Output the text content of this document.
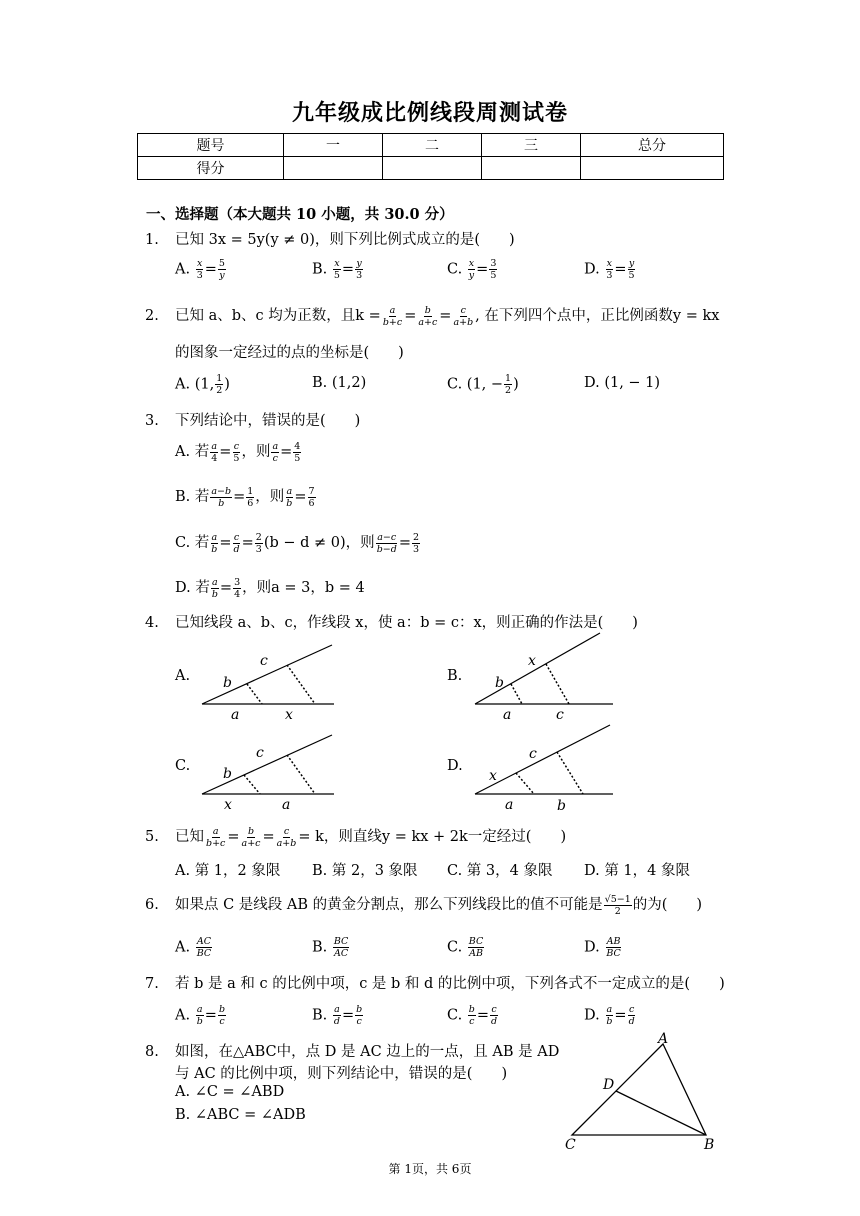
九年级成比例线段周测试卷
题号	一	二	三	总分
得分				
一、选择题（本大题共 10 小题，共 30.0 分）
1. 已知 3x = 5y(y ≠ 0)，则下列比例式成立的是(　　)
A. $\frac{x}{3} = \frac{5}{y}$	B. $\frac{x}{5} = \frac{y}{3}$	C. $\frac{x}{y} = \frac{3}{5}$	D. $\frac{x}{3} = \frac{y}{5}$
2. 已知 a、b、c 均为正数，且$k = \frac{a}{b+c} = \frac{b}{a+c} = \frac{c}{a+b}$ , 在下列四个点中，正比例函数y = kx
的图象一定经过的点的坐标是(　　)
A. (1, $\frac{1}{2}$ )	B. (1,2)	C. (1, − $\frac{1}{2}$ )	D. (1, − 1)
3. 下列结论中，错误的是(　　)
A. 若 $\frac{a}{4} = \frac{c}{5}$ ，则 $\frac{a}{c} = \frac{4}{5}$
B. 若 $\frac{a-b}{b} = \frac{1}{6}$ ，则 $\frac{a}{b} = \frac{7}{6}$
C. 若 $\frac{a}{b} = \frac{c}{d} = \frac{2}{3} (b - d \ne 0)$，则 $\frac{a-c}{b-d} = \frac{2}{3}$
D. 若 $\frac{a}{b} = \frac{3}{4}$ ，则a = 3，b = 4
4. 已知线段 a、b、c，作线段 x，使 a：b = c：x，则正确的作法是(　　)
A.	B.
C.	D.
b
c
a	x
b
x
a	c
b
c
x	a
x
c
a	b
5. 已知 $\frac{a}{b+c} = \frac{b}{a+c} = \frac{c}{a+b} = k$，则直线y = kx + 2k一定经过(　　)
A. 第 1，2 象限 B. 第 2，3 象限 C. 第 3，4 象限 D. 第 1，4 象限
6. 如果点 C 是线段 AB 的黄金分割点，那么下列线段比的值不可能是 $\frac{√5-1}{2}$ 的为(　　)
A. $\frac{AC}{BC}$	B. $\frac{BC}{AC}$	C. $\frac{BC}{AB}$	D. $\frac{AB}{BC}$
7. 若 b 是 a 和 c 的比例中项，c 是 b 和 d 的比例中项，下列各式不一定成立的是(　　)
A. $\frac{a}{b} = \frac{b}{c}$	B. $\frac{a}{d} = \frac{b}{c}$	C. $\frac{b}{c} = \frac{c}{d}$	D. $\frac{a}{b} = \frac{c}{d}$
8. 如图，在△ABC中，点 D 是 AC 边上的一点，且 AB 是 AD
与 AC 的比例中项，则下列结论中，错误的是(　　)
A. ∠C = ∠ABD
B. ∠ABC = ∠ADB
A
D
C	B
第 1页，共 6页
